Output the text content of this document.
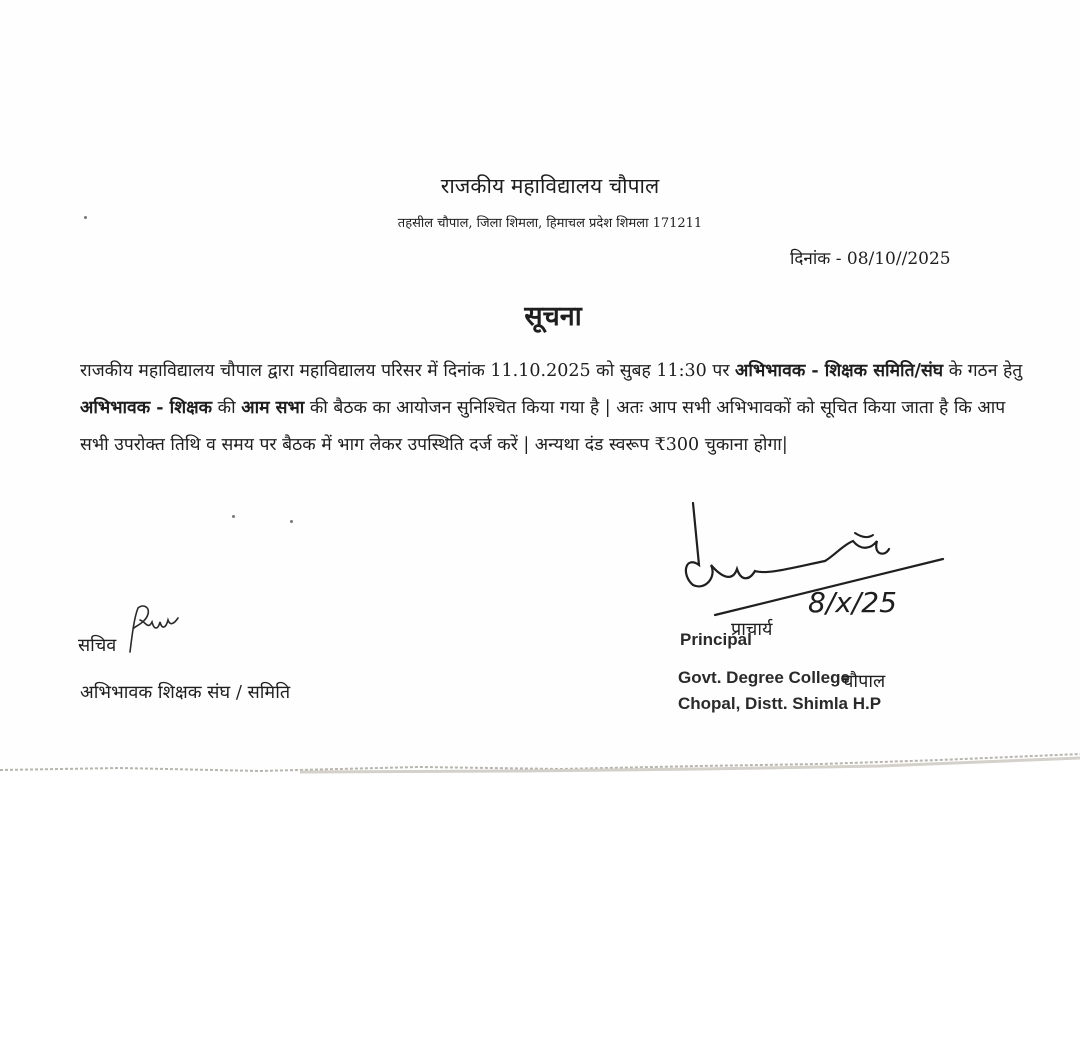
राजकीय महाविद्यालय चौपाल
तहसील चौपाल, जिला शिमला, हिमाचल प्रदेश शिमला 171211
दिनांक - 08/10//2025
सूचना
राजकीय महाविद्यालय चौपाल द्वारा महाविद्यालय परिसर में दिनांक 11.10.2025 को सुबह 11:30 पर अभिभावक - शिक्षक समिति/संघ के गठन हेतु अभिभावक - शिक्षक की आम सभा की बैठक का आयोजन सुनिश्चित किया गया है | अतः आप सभी अभिभावकों को सूचित किया जाता है कि आप सभी उपरोक्त तिथि व समय पर बैठक में भाग लेकर उपस्थिति दर्ज करें | अन्यथा दंड स्वरूप ₹300 चुकाना होगा|
सचिव
अभिभावक शिक्षक संघ / समिति
प्राचार्य
8/x/25
Principal
Govt. Degree College
चौपाल
Chopal, Distt. Shimla H.P
